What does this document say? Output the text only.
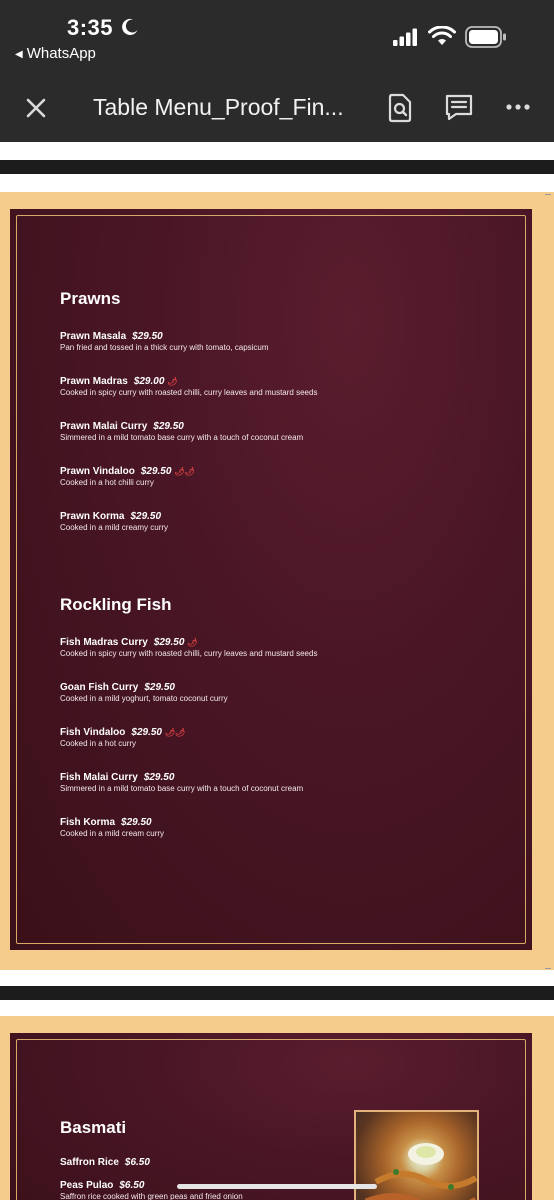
3:35
◀ WhatsApp
Table Menu_Proof_Fin...
Prawns
Prawn Masala $29.50
Pan fried and tossed in a thick curry with tomato, capsicum
Prawn Madras $29.00 🌶
Cooked in spicy curry with roasted chilli, curry leaves and mustard seeds
Prawn Malai Curry $29.50
Simmered in a mild tomato base curry with a touch of coconut cream
Prawn Vindaloo $29.50 🌶🌶
Cooked in a hot chilli curry
Prawn Korma $29.50
Cooked in a mild creamy curry
Rockling Fish
Fish Madras Curry $29.50 🌶
Cooked in spicy curry with roasted chilli, curry leaves and mustard seeds
Goan Fish Curry $29.50
Cooked in a mild yoghurt, tomato coconut curry
Fish Vindaloo $29.50 🌶🌶
Cooked in a hot curry
Fish Malai Curry $29.50
Simmered in a mild tomato base curry with a touch of coconut cream
Fish Korma $29.50
Cooked in a mild cream curry
Basmati
Saffron Rice $6.50
Peas Pulao $6.50
Saffron rice cooked with green peas and fried onion
